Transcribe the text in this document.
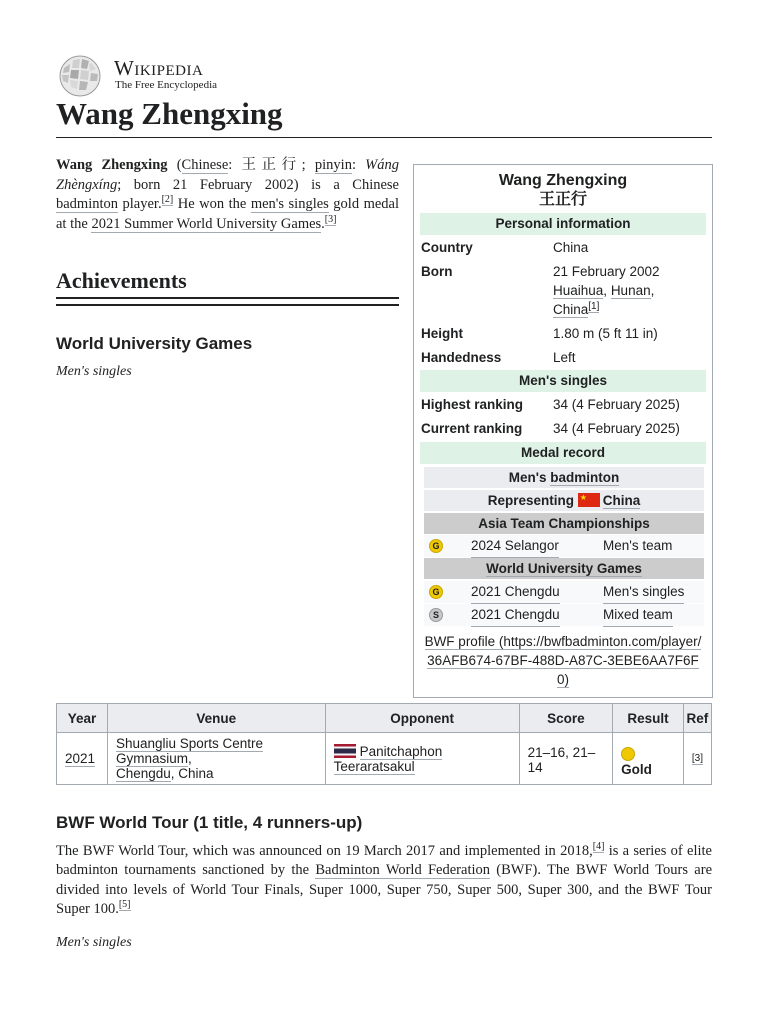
Wikipedia
The Free Encyclopedia
Wang Zhengxing

Wang Zhengxing (Chinese: 王正行; pinyin: Wáng Zhèngxíng; born 21 February 2002) is a Chinese badminton player.[2] He won the men's singles gold medal at the 2021 Summer World University Games.[3]

Achievements
World University Games
Men's singles
Wang Zhengxing
王正行
Personal information
Country	China
Born	21 February 2002
Huaihua, Hunan,
China[1]
Height	1.80 m (5 ft 11 in)
Handedness	Left
Men's singles
Highest ranking 34 (4 February 2025)
Current ranking 34 (4 February 2025)
Medal record
Men's badminton
Representing ★ China
Asia Team Championships
G 2024 Selangor	Men's team
World University Games
G 2021 Chengdu	Men's singles
S 2021 Chengdu	Mixed team
BWF profile (https://bwfbadminton.com/player/36AFB674-67BF-488D-A87C-3EBE6AA7F6F0)
Year	Venue	Opponent	Score	Result	Ref
2021	Shuangliu Sports Centre Gymnasium,
Chengdu, China	Panitchaphon Teeraratsakul	21–16, 21–14	Gold	[3]
BWF World Tour (1 title, 4 runners-up)

The BWF World Tour, which was announced on 19 March 2017 and implemented in 2018,[4] is a series of elite badminton tournaments sanctioned by the Badminton World Federation (BWF). The BWF World Tours are divided into levels of World Tour Finals, Super 1000, Super 750, Super 500, Super 300, and the BWF Tour Super 100.[5]

Men's singles
